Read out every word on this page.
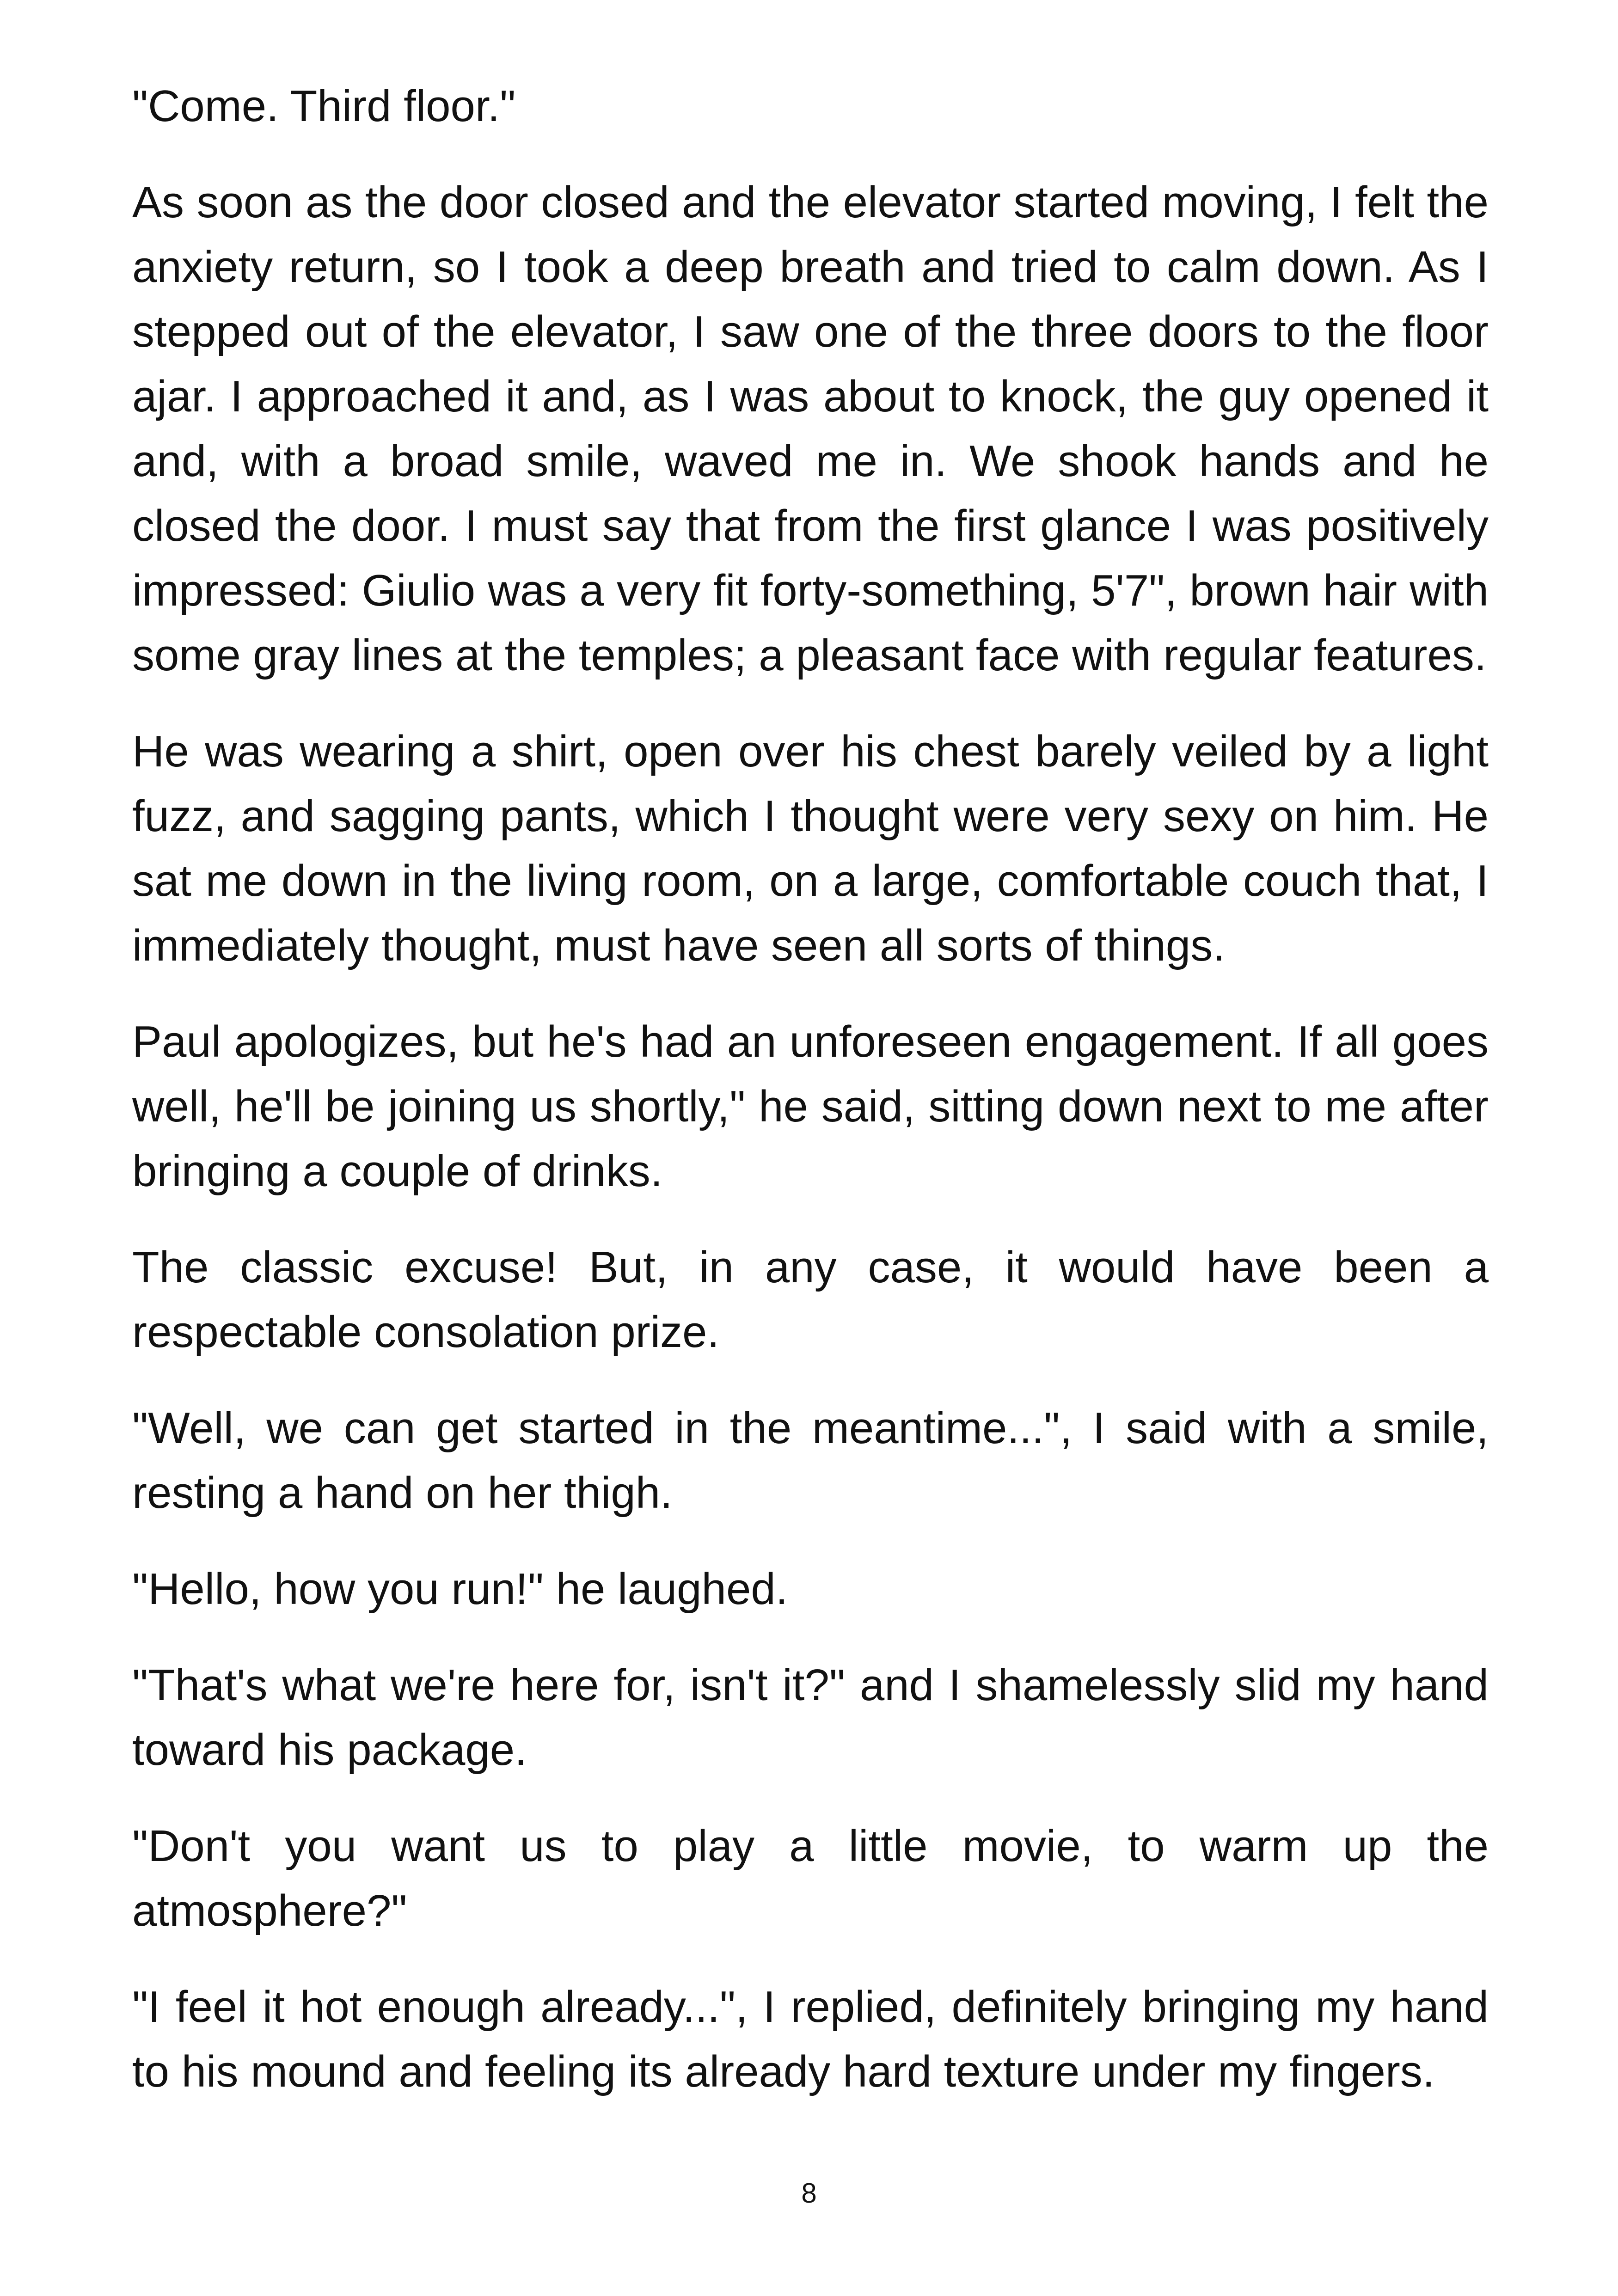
"Come. Third floor."

As soon as the door closed and the elevator started moving, I felt the anxiety return, so I took a deep breath and tried to calm down. As I stepped out of the elevator, I saw one of the three doors to the floor ajar. I approached it and, as I was about to knock, the guy opened it and, with a broad smile, waved me in. We shook hands and he closed the door. I must say that from the first glance I was positively impressed: Giulio was a very fit forty-something, 5'7", brown hair with some gray lines at the temples; a pleasant face with regular features.

He was wearing a shirt, open over his chest barely veiled by a light fuzz, and sagging pants, which I thought were very sexy on him. He sat me down in the living room, on a large, comfortable couch that, I immediately thought, must have seen all sorts of things.

Paul apologizes, but he's had an unforeseen engagement. If all goes well, he'll be joining us shortly," he said, sitting down next to me after bringing a couple of drinks.

The classic excuse! But, in any case, it would have been a respectable consolation prize.

"Well, we can get started in the meantime...", I said with a smile, resting a hand on her thigh.

"Hello, how you run!" he laughed.

"That's what we're here for, isn't it?" and I shamelessly slid my hand toward his package.

"Don't you want us to play a little movie, to warm up the atmosphere?"

"I feel it hot enough already...", I replied, definitely bringing my hand to his mound and feeling its already hard texture under my fingers.

8
